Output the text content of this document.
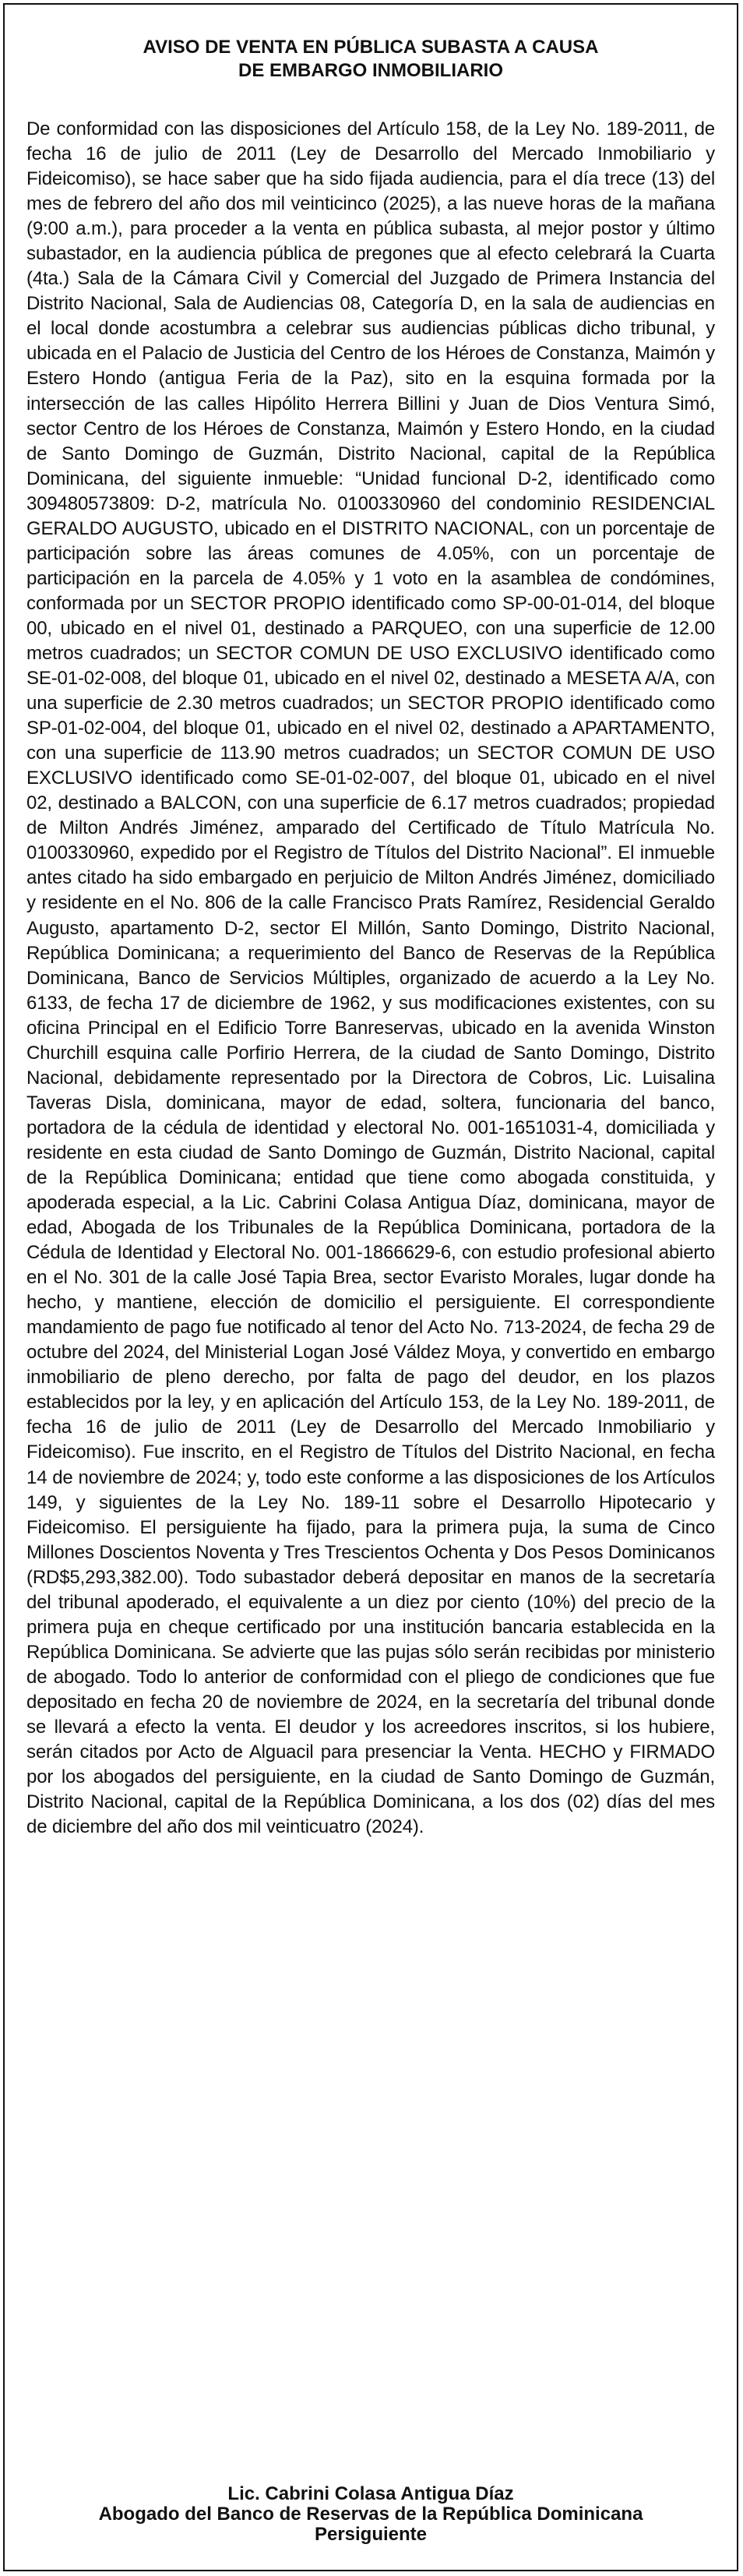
AVISO DE VENTA EN PÚBLICA SUBASTA A CAUSA
DE EMBARGO INMOBILIARIO

De conformidad con las disposiciones del Artículo 158, de la Ley No. 189-2011, de fecha 16 de julio de 2011 (Ley de Desarrollo del Mercado Inmobiliario y Fideicomiso), se hace saber que ha sido fijada audiencia, para el día trece (13) del mes de febrero del año dos mil veinticinco (2025), a las nueve horas de la mañana (9:00 a.m.), para proceder a la venta en pública subasta, al mejor postor y último subastador, en la audiencia pública de pregones que al efecto celebrará la Cuarta (4ta.) Sala de la Cámara Civil y Comercial del Juzgado de Primera Instancia del Distrito Nacional, Sala de Audiencias 08, Categoría D, en la sala de audiencias en el local donde acostumbra a celebrar sus audiencias públicas dicho tribunal, y ubicada en el Palacio de Justicia del Centro de los Héroes de Constanza, Maimón y Estero Hondo (antigua Feria de la Paz), sito en la esquina formada por la intersección de las calles Hipólito Herrera Billini y Juan de Dios Ventura Simó, sector Centro de los Héroes de Constanza, Maimón y Estero Hondo, en la ciudad de Santo Domingo de Guzmán, Distrito Nacional, capital de la República Dominicana, del siguiente inmueble: “Unidad funcional D-2, identificado como 309480573809: D-2, matrícula No. 0100330960 del condominio RESIDENCIAL GERALDO AUGUSTO, ubicado en el DISTRITO NACIONAL, con un porcentaje de participación sobre las áreas comunes de 4.05%, con un porcentaje de participación en la parcela de 4.05% y 1 voto en la asamblea de condómines, conformada por un SECTOR PROPIO identificado como SP-00-01-014, del bloque 00, ubicado en el nivel 01, destinado a PARQUEO, con una superficie de 12.00 metros cuadrados; un SECTOR COMUN DE USO EXCLUSIVO identificado como SE-01-02-008, del bloque 01, ubicado en el nivel 02, destinado a MESETA A/A, con una superficie de 2.30 metros cuadrados; un SECTOR PROPIO identificado como SP-01-02-004, del bloque 01, ubicado en el nivel 02, destinado a APARTAMENTO, con una superficie de 113.90 metros cuadrados; un SECTOR COMUN DE USO EXCLUSIVO identificado como SE-01-02-007, del bloque 01, ubicado en el nivel 02, destinado a BALCON, con una superficie de 6.17 metros cuadrados; propiedad de Milton Andrés Jiménez, amparado del Certificado de Título Matrícula No. 0100330960, expedido por el Registro de Títulos del Distrito Nacional”. El inmueble antes citado ha sido embargado en perjuicio de Milton Andrés Jiménez, domiciliado y residente en el No. 806 de la calle Francisco Prats Ramírez, Residencial Geraldo Augusto, apartamento D-2, sector El Millón, Santo Domingo, Distrito Nacional, República Dominicana; a requerimiento del Banco de Reservas de la República Dominicana, Banco de Servicios Múltiples, organizado de acuerdo a la Ley No. 6133, de fecha 17 de diciembre de 1962, y sus modificaciones existentes, con su oficina Principal en el Edificio Torre Banreservas, ubicado en la avenida Winston Churchill esquina calle Porfirio Herrera, de la ciudad de Santo Domingo, Distrito Nacional, debidamente representado por la Directora de Cobros, Lic. Luisalina Taveras Disla, dominicana, mayor de edad, soltera, funcionaria del banco, portadora de la cédula de identidad y electoral No. 001-1651031-4, domiciliada y residente en esta ciudad de Santo Domingo de Guzmán, Distrito Nacional, capital de la República Dominicana; entidad que tiene como abogada constituida, y apoderada especial, a la Lic. Cabrini Colasa Antigua Díaz, dominicana, mayor de edad, Abogada de los Tribunales de la República Dominicana, portadora de la Cédula de Identidad y Electoral No. 001-1866629-6, con estudio profesional abierto en el No. 301 de la calle José Tapia Brea, sector Evaristo Morales, lugar donde ha hecho, y mantiene, elección de domicilio el persiguiente. El correspondiente mandamiento de pago fue notificado al tenor del Acto No. 713-2024, de fecha 29 de octubre del 2024, del Ministerial Logan José Váldez Moya, y convertido en embargo inmobiliario de pleno derecho, por falta de pago del deudor, en los plazos establecidos por la ley, y en aplicación del Artículo 153, de la Ley No. 189-2011, de fecha 16 de julio de 2011 (Ley de Desarrollo del Mercado Inmobiliario y Fideicomiso). Fue inscrito, en el Registro de Títulos del Distrito Nacional, en fecha 14 de noviembre de 2024; y, todo este conforme a las disposiciones de los Artículos 149, y siguientes de la Ley No. 189-11 sobre el Desarrollo Hipotecario y Fideicomiso. El persiguiente ha fijado, para la primera puja, la suma de Cinco Millones Doscientos Noventa y Tres Trescientos Ochenta y Dos Pesos Dominicanos (RD$5,293,382.00). Todo subastador deberá depositar en manos de la secretaría del tribunal apoderado, el equivalente a un diez por ciento (10%) del precio de la primera puja en cheque certificado por una institución bancaria establecida en la República Dominicana. Se advierte que las pujas sólo serán recibidas por ministerio de abogado. Todo lo anterior de conformidad con el pliego de condiciones que fue depositado en fecha 20 de noviembre de 2024, en la secretaría del tribunal donde se llevará a efecto la venta. El deudor y los acreedores inscritos, si los hubiere, serán citados por Acto de Alguacil para presenciar la Venta. HECHO y FIRMADO por los abogados del persiguiente, en la ciudad de Santo Domingo de Guzmán, Distrito Nacional, capital de la República Dominicana, a los dos (02) días del mes de diciembre del año dos mil veinticuatro (2024).

Lic. Cabrini Colasa Antigua Díaz
Abogado del Banco de Reservas de la República Dominicana
Persiguiente
